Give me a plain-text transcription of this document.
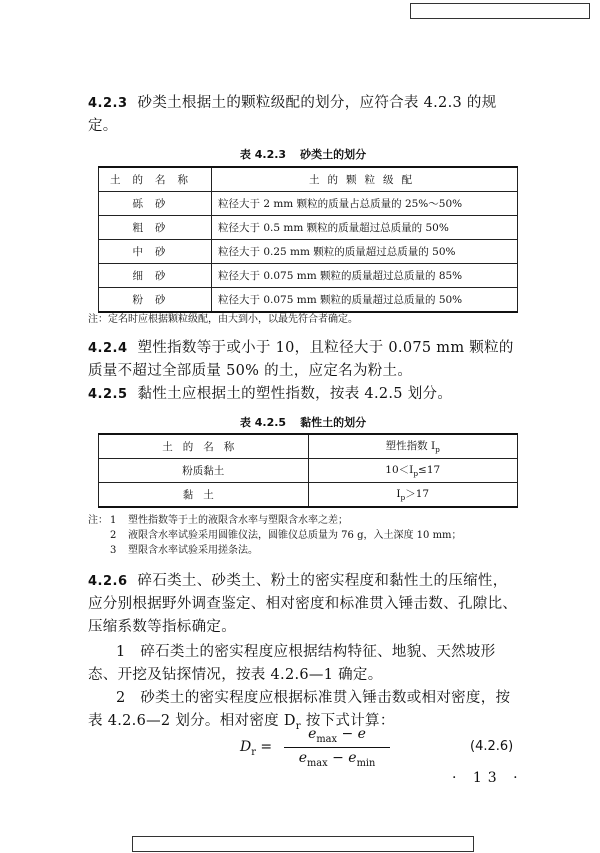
4.2.3 砂类土根据土的颗粒级配的划分，应符合表 4.2.3 的规定。
表 4.2.3 砂类土的划分
土的名称	土的颗粒级配
砾砂	粒径大于 2 mm 颗粒的质量占总质量的 25%～50%
粗砂	粒径大于 0.5 mm 颗粒的质量超过总质量的 50%
中砂	粒径大于 0.25 mm 颗粒的质量超过总质量的 50%
细砂	粒径大于 0.075 mm 颗粒的质量超过总质量的 85%
粉砂	粒径大于 0.075 mm 颗粒的质量超过总质量的 50%
注：定名时应根据颗粒级配，由大到小，以最先符合者确定。
4.2.4 塑性指数等于或小于 10，且粒径大于 0.075 mm 颗粒的质量不超过全部质量 50% 的土，应定名为粉土。
4.2.5 黏性土应根据土的塑性指数，按表 4.2.5 划分。
表 4.2.5 黏性土的划分
土的名称	塑性指数 $I_p$
粉质黏土	$10<I_p\le 17$
黏土	$I_p>17$
注： 1 塑性指数等于土的液限含水率与塑限含水率之差；
2 液限含水率试验采用圆锥仪法，圆锥仪总质量为 76 g，入土深度 10 mm；
3 塑限含水率试验采用搓条法。
4.2.6 碎石类土、砂类土、粉土的密实程度和黏性土的压缩性，应分别根据野外调查鉴定、相对密度和标准贯入锤击数、孔隙比、压缩系数等指标确定。
1　碎石类土的密实程度应根据结构特征、地貌、天然坡形态、开挖及钻探情况，按表 4.2.6—1 确定。
2　砂类土的密实程度应根据标准贯入锤击数或相对密度，按表 4.2.6—2 划分。相对密度 $D_r$ 按下式计算：
$D_r$ =
$e_{max} - e$
$e_{max} - e_{min}$
(4.2.6)
· 13 ·
